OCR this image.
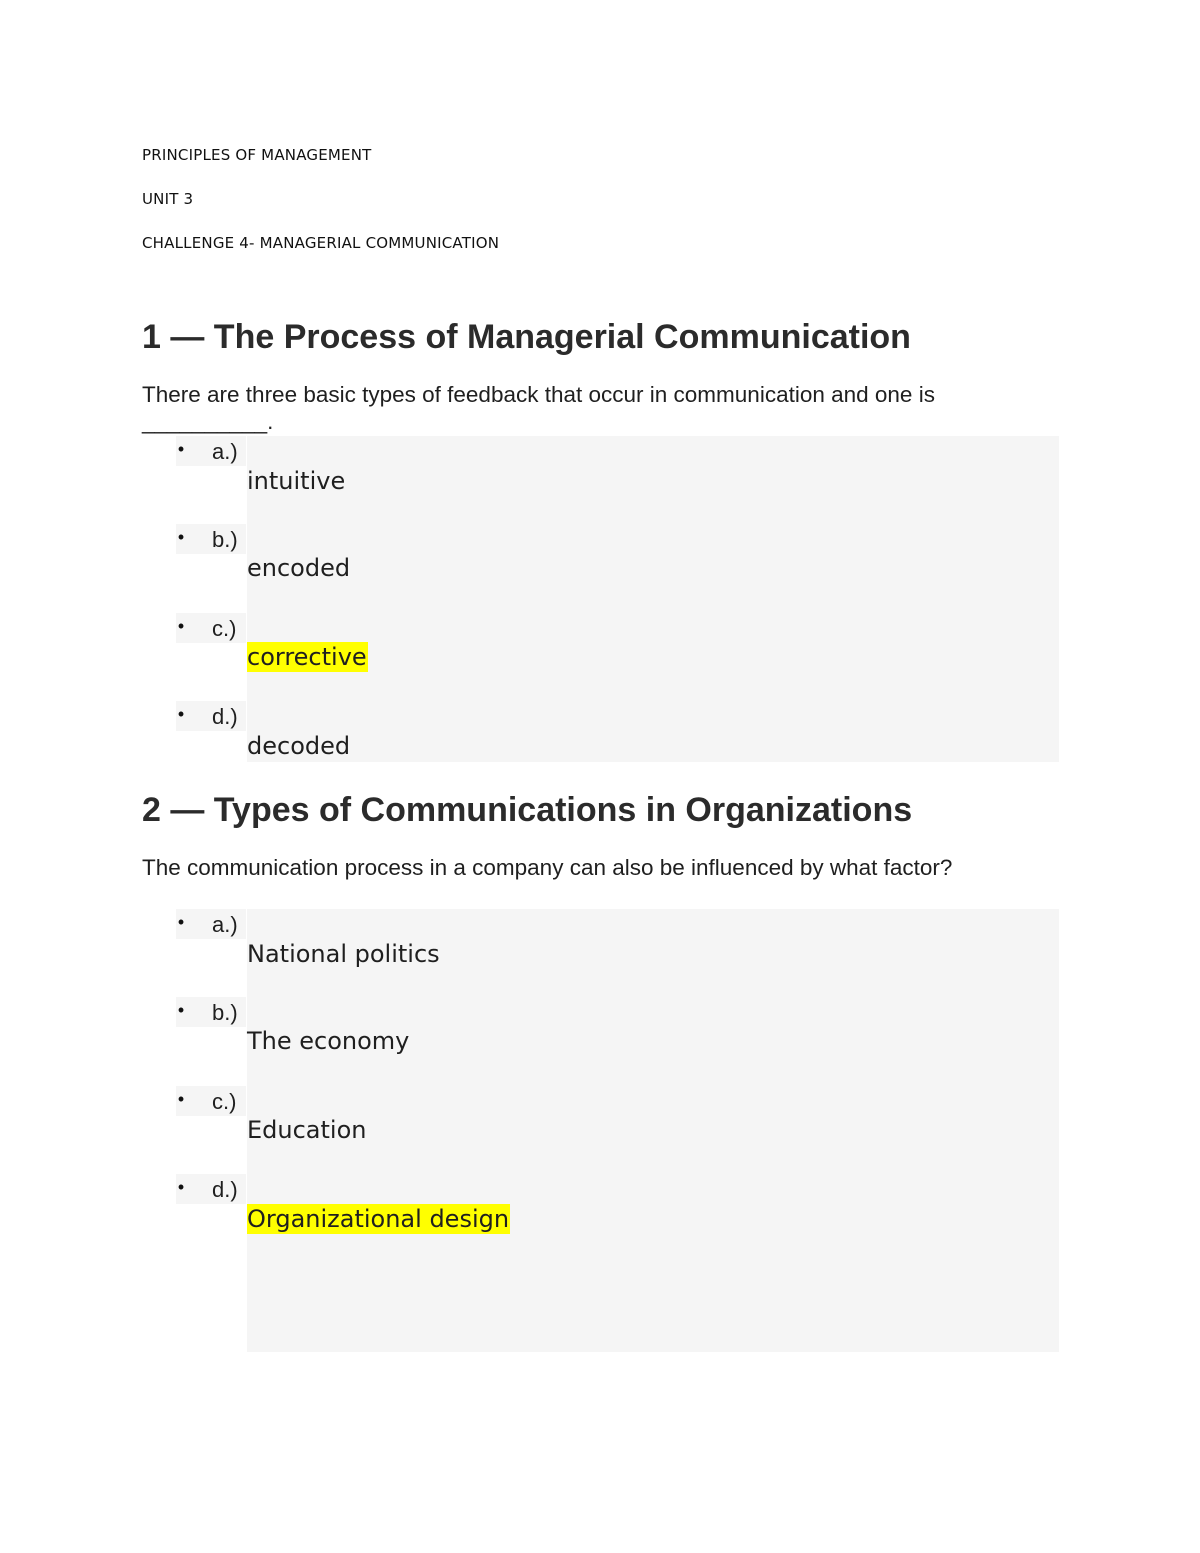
PRINCIPLES OF MANAGEMENT
UNIT 3
CHALLENGE 4- MANAGERIAL COMMUNICATION
1 — The Process of Managerial Communication

There are three basic types of feedback that occur in communication and one is __________.

• a.)
intuitive
• b.)
encoded
• c.)
corrective
• d.)
decoded
2 — Types of Communications in Organizations

The communication process in a company can also be influenced by what factor?

• a.)
National politics
• b.)
The economy
• c.)
Education
• d.)
Organizational design
